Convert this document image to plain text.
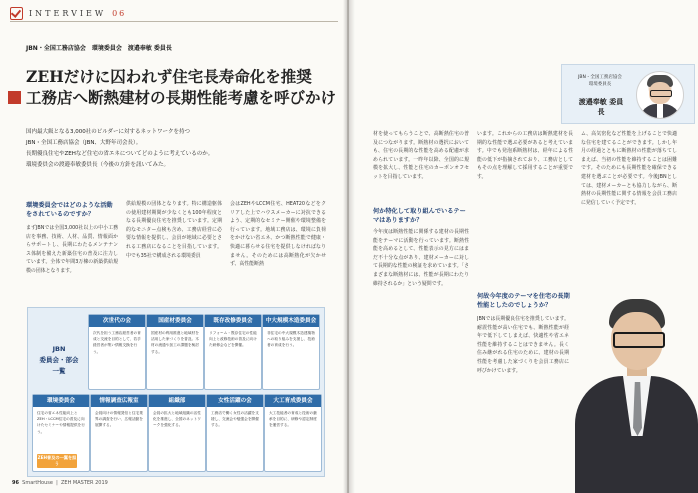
INTERVIEW 06
JBN・全国工務店協会　環境委員会　渡邉奉敏 委員長
ZEHだけに囚われず住宅長寿命化を推奨
工務店へ断熱建材の長期性能考慮を呼びかけ
国内最大級となる3,000社のビルダーに対するネットワークを持つ
JBN・全国工務店協会（JBN、大野年司会長）。
長期優良住宅やZEHなど住宅の省エネについてどのように考えているのか。
環境委員会の渡邉奉敏委員長（今後の方針を訊いてみた。
環境委員会ではどのような活動をされているのですか？
まずJBNでは全国3,000社以上の中小工務店を事務、技術、人材、品質、情報面からサポートし、長期にわたるメンテナンス体制を備えた新築住宅の普及に注力しています。全体で年間3万棟の新築供給規模の団体となります。
供給規模の団体となります。特に構造躯体の使用建材期間が少なくとも100年程度となる長期優良住宅を推奨しています。定期的なモニター点検も含め、工務店経営に必要な情報を提供し、会員が地域に必要とされる工務店になることを目指しています。中でも35社で構成される環境委員
会はZEHやLCCM住宅、HEAT20などをクリアした上でハウスメーカーに対抗できるよう、定期的なセミナー開催や環境整備を行っています。地域工務店は、環境に負荷をかけない省エネ、かつ断熱性能で健康・快適に暮らせる住宅を提供しなければなりません。そのためには高断熱化が欠かせず、高性能断熱
JBN
委員会・部会
一覧
次世代の会
次代を担う工務店経営者の育成と交流を目的として、若手経営者が集い情報交換を行う。
国産材委員会
国産材の利用推進と地域材を活用した家づくりを普及。木材の流通や加工の課題を検討する。
既存改修委員会
リフォーム・既存住宅の性能向上と改修技術の普及に向けた研修会などを開催。
中大規模木造委員会
非住宅の中大規模木造建築物への取り組みを支援し、技術者の育成を行う。
環境委員会
住宅の省エネ性能向上とZEH・LCCM住宅の普及に向けたセミナーや情報提供を行う。
ZEH普及の一翼を担う
情報調査広報室
会員向けの情報発信と住宅業界の調査を行い、広報活動を展開する。
組織部
会員の拡大と地域組織の活性化を推進し、全国のネットワークを強化する。
女性活躍の会
工務店で働く女性の活躍を支援し、交流会や勉強会を開催する。
大工育成委員会
大工技能者の育成と技術の継承を目的に、研修や認定制度を運営する。
96 SmartHouse  |  ZEH MASTER 2019
JBN・全国工務店協会　環境委員長
渡邉奉敏 委員長
材を使ってもらうことで、高断熱住宅の普及につながります。断熱材の選択においても、住宅の長期的な性能を高める配慮が求められています。一昨年以降、全国的に規模を拡大し、性能と住宅のカーボンオフセットを目指しています。
何か特化して取り組んでいるテーマはありますか？
今年度は断熱性能に関係する建材の長期性能をテーマに活動を行っています。断熱性能を高めるとして、性能表示の見方にはまだ不十分な点があり、建材メーカーに対して長期的な性能の検証を求めています。「さまざまな断熱材には、性能が長期にわたり維持されるか」という疑問です。
います。これからの工務店は断熱建材を長期的な性能で選ぶ必要があると考えています。中でも発泡系断熱材は、経年による性能の低下が指摘されており、工務店としてもその点を理解して採用することが重要です。
何故今年度のテーマを住宅の長期性能としたのでしょうか？
JBNでは長期優良住宅を推奨しています。耐震性能が高い住宅でも、断熱性能が経年で低下してしまえば、快適性や省エネ性能を維持することはできません。長く住み継がれる住宅のために、建材の長期性能を考慮した家づくりを会員工務店に呼びかけています。
ム、高気密化など性能を上げることで快適な住宅を建てることができます。しかし年月の経過とともに断熱材の性能が落ちてしまえば、当初の性能を維持することは困難です。そのためにも長期性能を確保できる建材を選ぶことが必要です。今後JBNとしては、建材メーカーとも協力しながら、断熱材の長期性能に関する情報を会員工務店に発信していく予定です。
